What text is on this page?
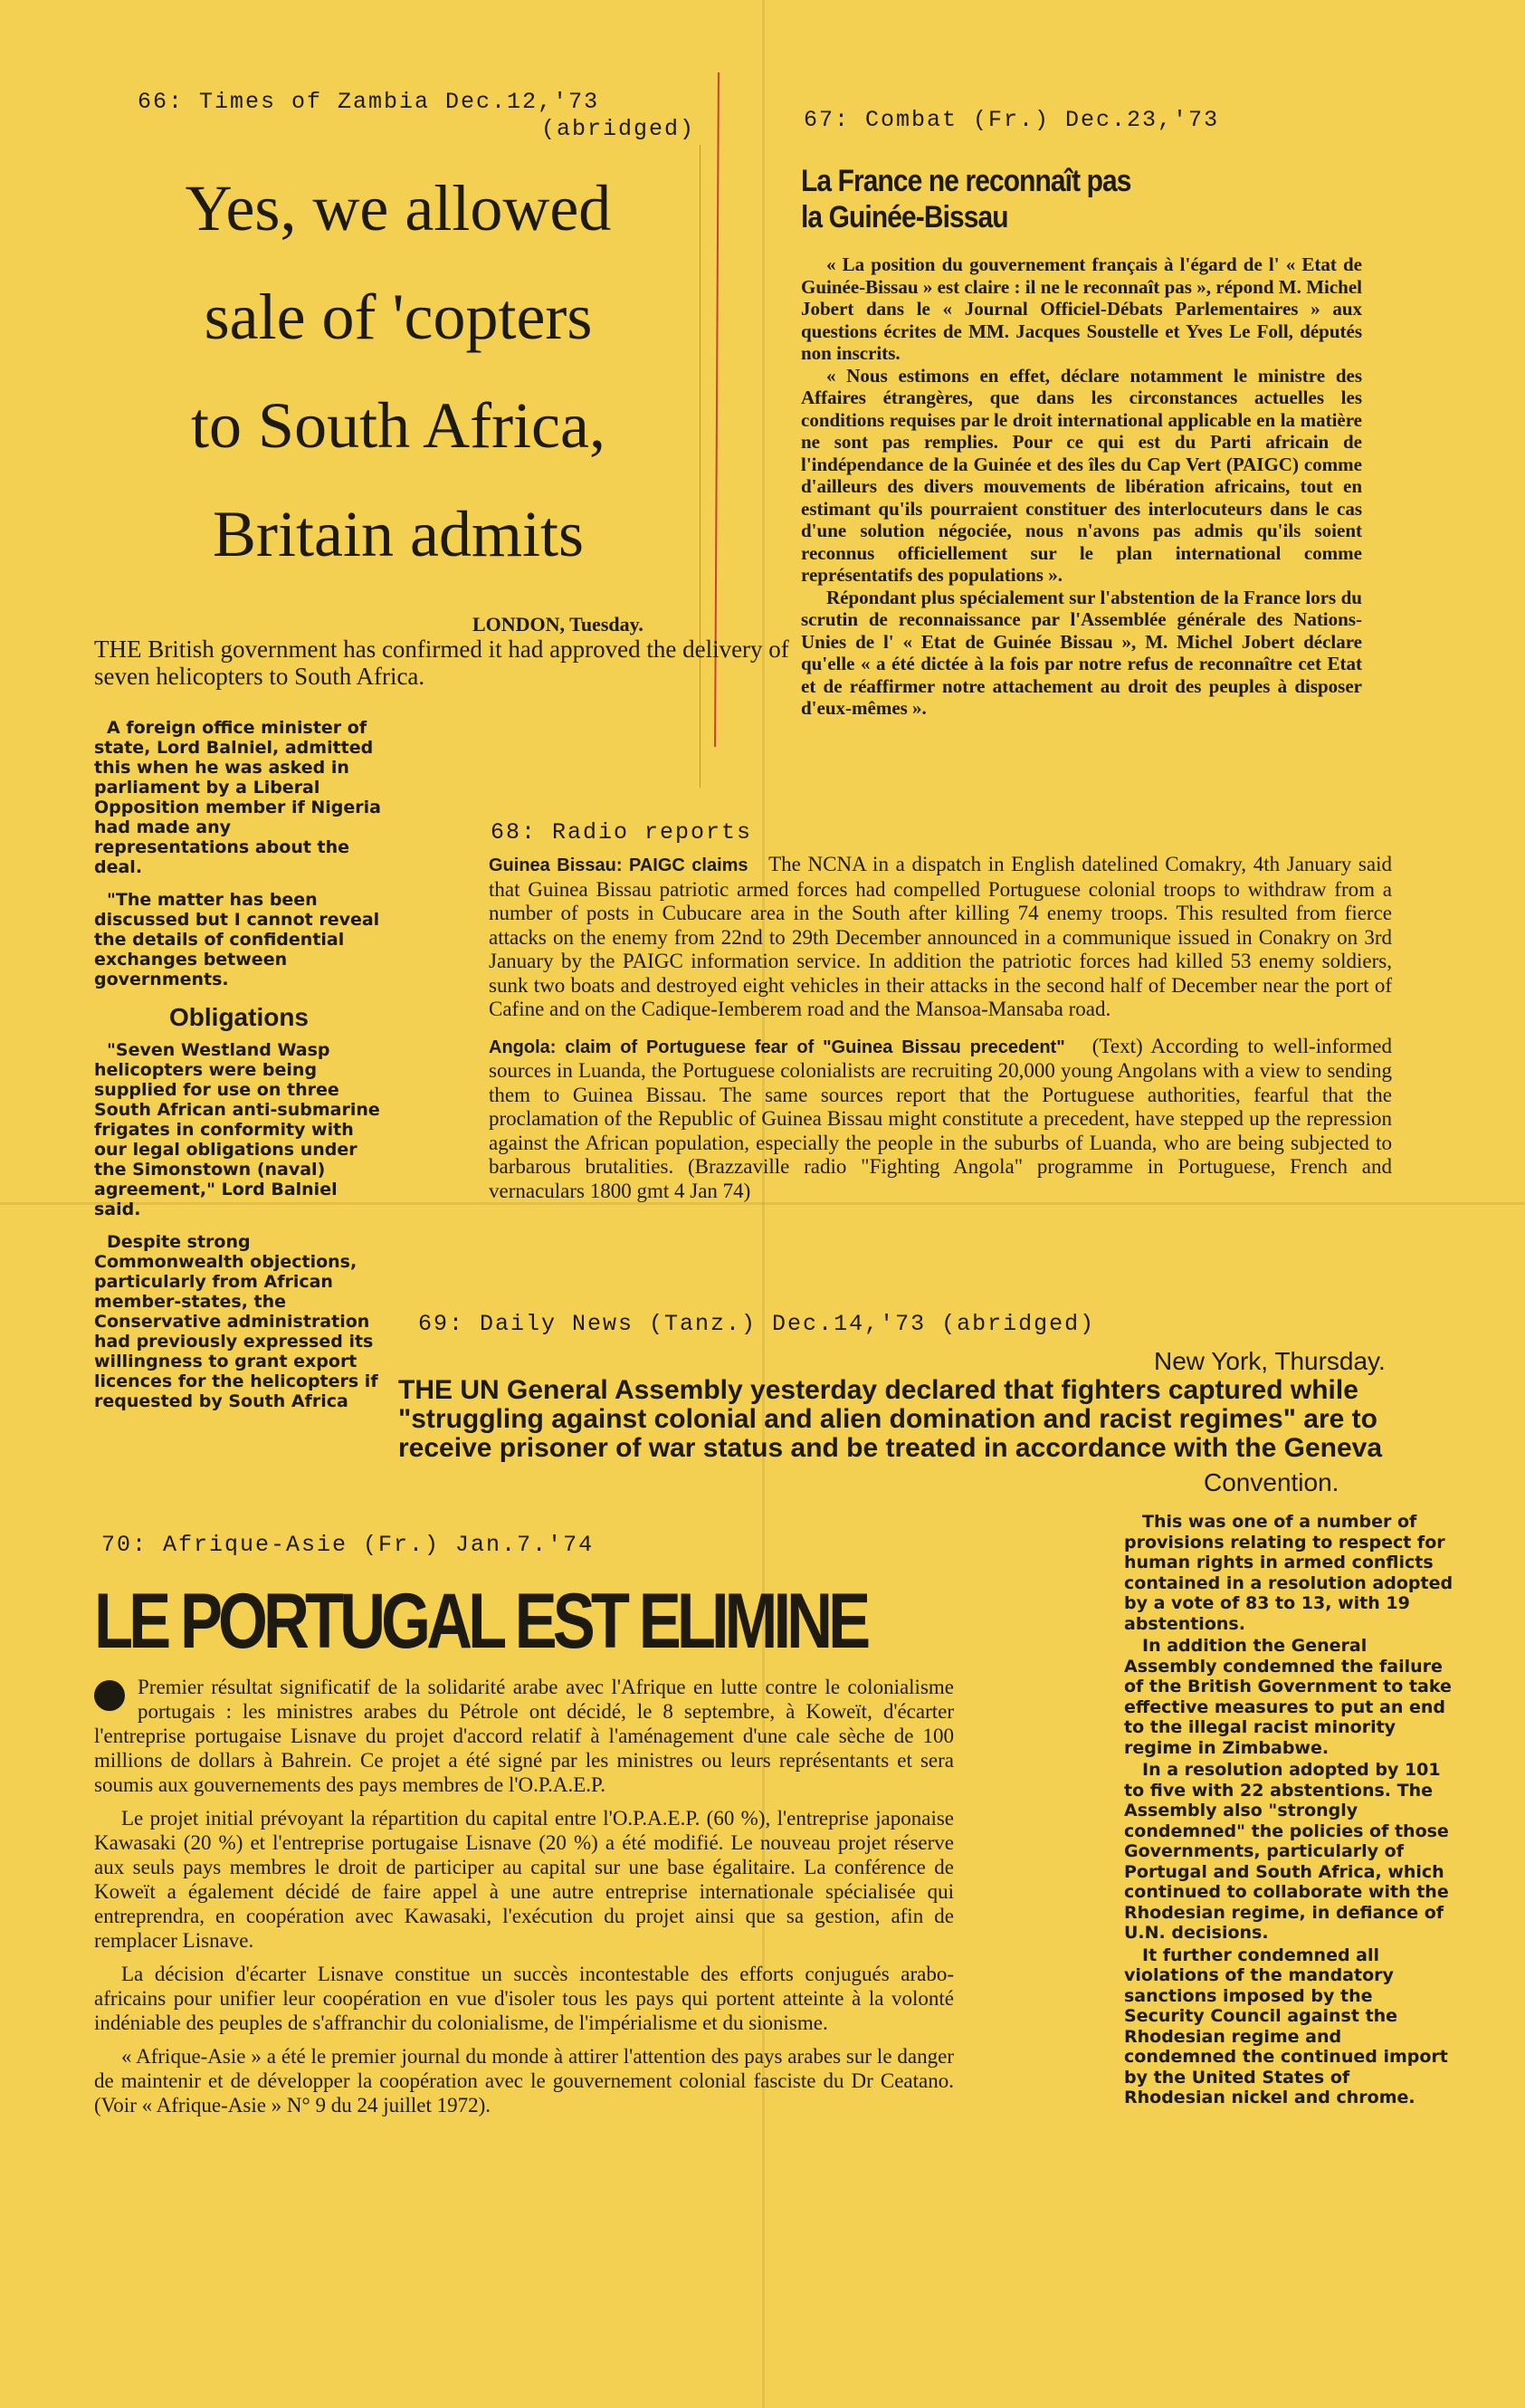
66: Times of Zambia Dec.12,'73
(abridged)
Yes, we allowed
sale of 'copters
to South Africa,
Britain admits
LONDON, Tuesday.
THE British government has confirmed it had approved the delivery of seven helicopters to South Africa.

A foreign office minister of state, Lord Balniel, admitted this when he was asked in parliament by a Liberal Opposition member if Nigeria had made any representations about the deal.

"The matter has been discussed but I cannot reveal the details of confidential exchanges between governments.

Obligations

"Seven Westland Wasp helicopters were being supplied for use on three South African anti-submarine frigates in conformity with our legal obligations under the Simonstown (naval) agreement," Lord Balniel said.

Despite strong Commonwealth objections, particularly from African member-states, the Conservative administration had previously expressed its willingness to grant export licences for the helicopters if requested by South Africa

67: Combat (Fr.) Dec.23,'73
La France ne reconnaît pas
la Guinée-Bissau

« La position du gouvernement français à l'égard de l' « Etat de Guinée-Bissau » est claire : il ne le reconnaît pas », répond M. Michel Jobert dans le « Journal Officiel-Débats Parlementaires » aux questions écrites de MM. Jacques Soustelle et Yves Le Foll, députés non inscrits.

« Nous estimons en effet, déclare notamment le ministre des Affaires étrangères, que dans les circonstances actuelles les conditions requises par le droit international applicable en la matière ne sont pas remplies. Pour ce qui est du Parti africain de l'indépendance de la Guinée et des îles du Cap Vert (PAIGC) comme d'ailleurs des divers mouvements de libération africains, tout en estimant qu'ils pourraient constituer des interlocuteurs dans le cas d'une solution négociée, nous n'avons pas admis qu'ils soient reconnus officiellement sur le plan international comme représentatifs des populations ».

Répondant plus spécialement sur l'abstention de la France lors du scrutin de reconnaissance par l'Assemblée générale des Nations-Unies de l' « Etat de Guinée Bissau », M. Michel Jobert déclare qu'elle « a été dictée à la fois par notre refus de reconnaître cet Etat et de réaffirmer notre attachement au droit des peuples à disposer d'eux-mêmes ».

68: Radio reports

Guinea Bissau: PAIGC claims The NCNA in a dispatch in English datelined Comakry, 4th January said that Guinea Bissau patriotic armed forces had compelled Portuguese colonial troops to withdraw from a number of posts in Cubucare area in the South after killing 74 enemy troops. This resulted from fierce attacks on the enemy from 22nd to 29th December announced in a communique issued in Conakry on 3rd January by the PAIGC information service. In addition the patriotic forces had killed 53 enemy soldiers, sunk two boats and destroyed eight vehicles in their attacks in the second half of December near the port of Cafine and on the Cadique-Iemberem road and the Mansoa-Mansaba road.

Angola: claim of Portuguese fear of "Guinea Bissau precedent" (Text) According to well-informed sources in Luanda, the Portuguese colonialists are recruiting 20,000 young Angolans with a view to sending them to Guinea Bissau. The same sources report that the Portuguese authorities, fearful that the proclamation of the Republic of Guinea Bissau might constitute a precedent, have stepped up the repression against the African population, especially the people in the suburbs of Luanda, who are being subjected to barbarous brutalities. (Brazzaville radio "Fighting Angola" programme in Portuguese, French and vernaculars 1800 gmt 4 Jan 74)

69: Daily News (Tanz.) Dec.14,'73 (abridged)
New York, Thursday.
THE UN General Assembly yesterday declared that fighters captured while "struggling against colonial and alien domination and racist regimes" are to receive prisoner of war status and be treated in accordance with the Geneva
Convention.

This was one of a number of provisions relating to respect for human rights in armed conflicts contained in a resolution adopted by a vote of 83 to 13, with 19 abstentions.

In addition the General Assembly condemned the failure of the British Government to take effective measures to put an end to the illegal racist minority regime in Zimbabwe.

In a resolution adopted by 101 to five with 22 abstentions. The Assembly also "strongly condemned" the policies of those Governments, particularly of Portugal and South Africa, which continued to collaborate with the Rhodesian regime, in defiance of U.N. decisions.

It further condemned all violations of the mandatory sanctions imposed by the Security Council against the Rhodesian regime and condemned the continued import by the United States of Rhodesian nickel and chrome.

70: Afrique-Asie (Fr.) Jan.7.'74
LE PORTUGAL EST ELIMINE

Premier résultat significatif de la solidarité arabe avec l'Afrique en lutte contre le colonialisme portugais : les ministres arabes du Pétrole ont décidé, le 8 septembre, à Koweït, d'écarter l'entreprise portugaise Lisnave du projet d'accord relatif à l'aménagement d'une cale sèche de 100 millions de dollars à Bahrein. Ce projet a été signé par les ministres ou leurs représentants et sera soumis aux gouvernements des pays membres de l'O.P.A.E.P.

Le projet initial prévoyant la répartition du capital entre l'O.P.A.E.P. (60 %), l'entreprise japonaise Kawasaki (20 %) et l'entreprise portugaise Lisnave (20 %) a été modifié. Le nouveau projet réserve aux seuls pays membres le droit de participer au capital sur une base égalitaire. La conférence de Koweït a également décidé de faire appel à une autre entreprise internationale spécialisée qui entreprendra, en coopération avec Kawasaki, l'exécution du projet ainsi que sa gestion, afin de remplacer Lisnave.

La décision d'écarter Lisnave constitue un succès incontestable des efforts conjugués arabo-africains pour unifier leur coopération en vue d'isoler tous les pays qui portent atteinte à la volonté indéniable des peuples de s'affranchir du colonialisme, de l'impérialisme et du sionisme.

« Afrique-Asie » a été le premier journal du monde à attirer l'attention des pays arabes sur le danger de maintenir et de développer la coopération avec le gouvernement colonial fasciste du Dr Ceatano. (Voir « Afrique-Asie » N° 9 du 24 juillet 1972).
